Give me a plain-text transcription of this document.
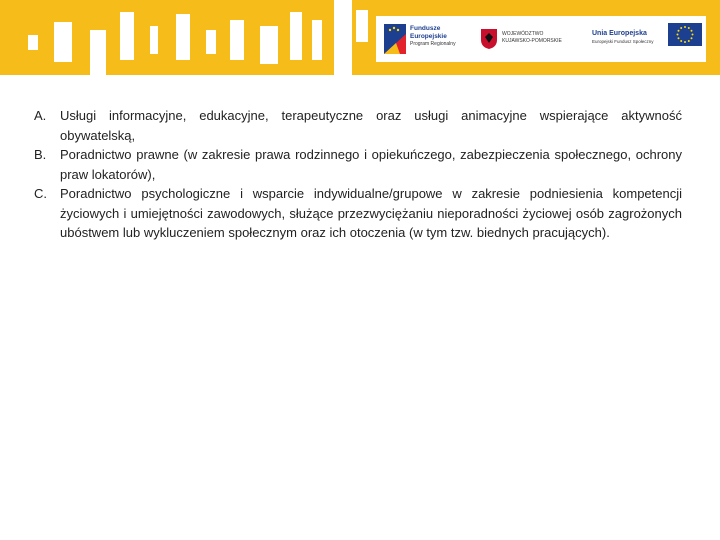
Fundusze
Europejskie
Program Regionalny
WOJEWÓDZTWO
KUJAWSKO-POMORSKIE
Unia Europejska
Europejski Fundusz Społeczny
A.	Usługi informacyjne, edukacyjne, terapeutyczne oraz usługi animacyjne wspierające aktywność obywatelską,
B.	Poradnictwo prawne (w zakresie prawa rodzinnego i opiekuńczego, zabezpieczenia społecznego, ochrony praw lokatorów),
C.	Poradnictwo psychologiczne i wsparcie indywidualne/grupowe w zakresie podniesienia kompetencji życiowych i umiejętności zawodowych, służące przezwyciężaniu nieporadności życiowej osób zagrożonych ubóstwem lub wykluczeniem społecznym oraz ich otoczenia (w tym tzw. biednych pracujących).
